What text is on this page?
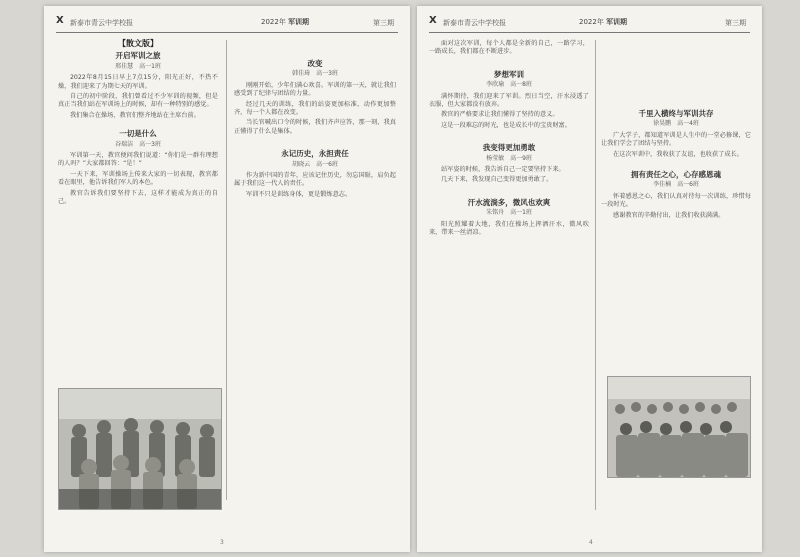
X 新泰市青云中学校报	2022年 军训期	第三期
【散文版】
开启军训之旅
邢佳慧　高一1班

2022年8月15日早上7点15分，阳光正好，不热不燥，我们迎来了为期七天的军训。

自己的初中阶段，我们曾看过不少军训的视频，但是真正当我们站在军训场上的时候，却有一种特别的感觉。

我们集合在操场，教官们整齐地站在主席台前。

一切是什么
谷瑞洁　高一3班

军训第一天，教官便问我们说道：“你们是一群有理想的人吗？”大家都回答：“是！”

一天下来，军训操场上传来大家的一切表现，教官都看在眼里，他告诉我们军人的本色。

教官告诉我们要坚持下去，这样才能成为真正的自己。

改变
韩佳琦　高一3班

刚刚开始，少年们满心欢喜。军训的第一天，就让我们感受到了纪律与团结的力量。

经过几天的训练，我们的站姿更加标准，动作更加整齐，每一个人都在改变。

当长官喊出口令的时候，我们齐声应答，那一刻，我真正懂得了什么是集体。

永记历史，永担责任
胡晓云　高一6班

作为新中国的青年，应该记住历史，勿忘国耻，肩负起属于我们这一代人的责任。

军训不只是训练身体，更是锻炼意志。

3
X 新泰市青云中学校报	2022年 军训期	第三期

面对这次军训，每个人都是全新的自己，一路学习，一路成长，我们都在不断进步。

梦想军训
李欣瑜　高一8班

满怀期待，我们迎来了军训。烈日当空，汗水浸透了衣服，但大家都没有放弃。

教官的严格要求让我们懂得了坚持的意义。

这是一段难忘的时光，也是成长中的宝贵财富。

我变得更加勇敢
杨莹敏　高一9班

站军姿的时候，我告诉自己一定要坚持下来。

几天下来，我发现自己变得更加勇敢了。

汗水流淌多，微风也欢爽
朱铭舟　高一1班

阳光照耀着大地，我们在操场上挥洒汗水，微风吹来，带来一丝清凉。

千里入横终与军训共存
徐昊鹏　高一4班

广大学子，都知道军训是人生中的一堂必修课，它让我们学会了团结与坚持。

在这次军训中，我收获了友谊，也收获了成长。

拥有责任之心，心存感恩魂
李佳楠　高一6班

怀着感恩之心，我们认真对待每一次训练，珍惜每一段时光。

感谢教官的辛勤付出，让我们收获满满。

4
